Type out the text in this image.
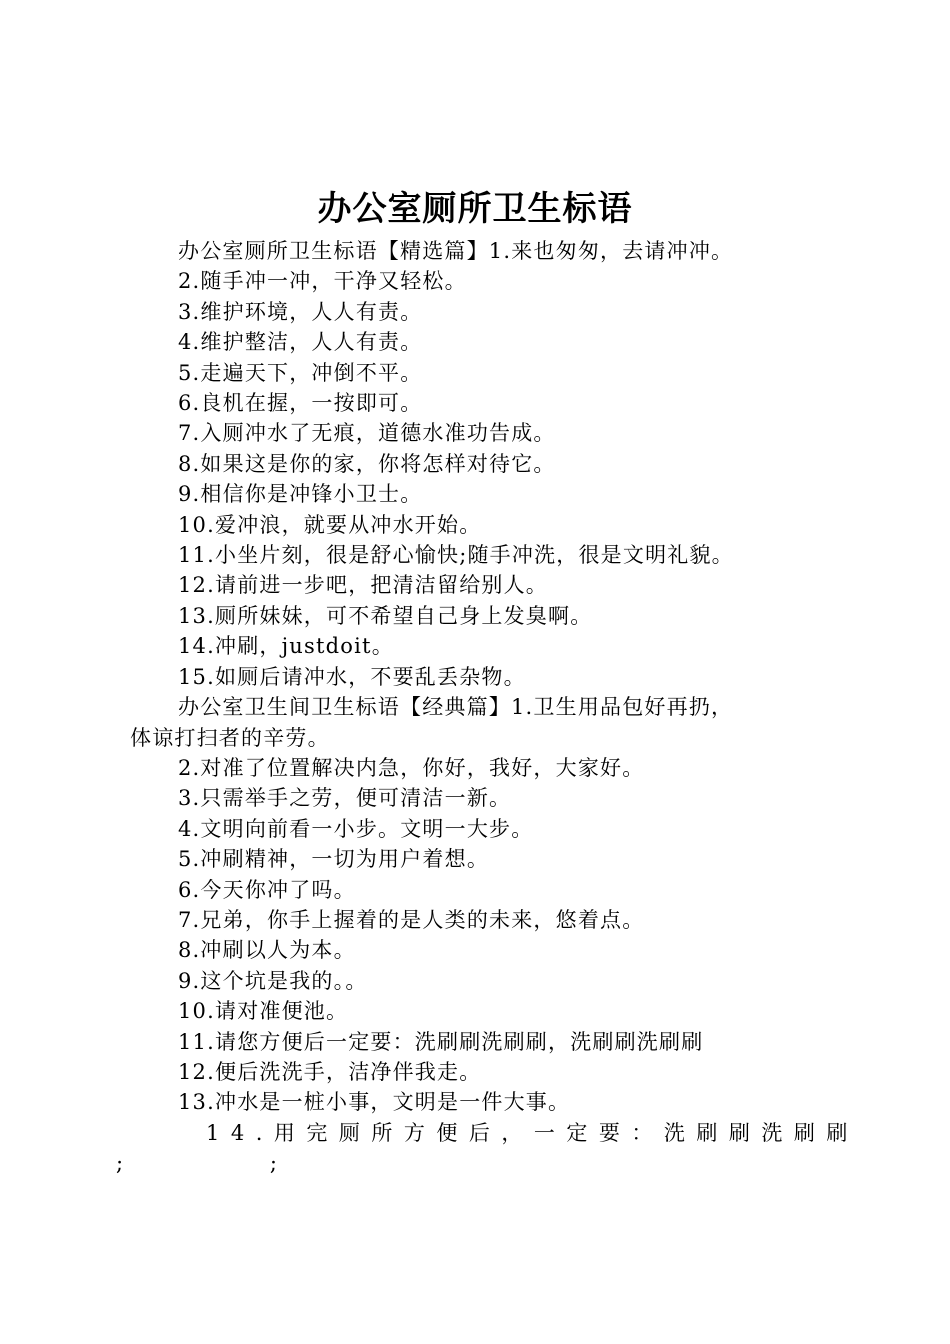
办公室厕所卫生标语
办公室厕所卫生标语【精选篇】1.来也匆匆，去请冲冲。
2.随手冲一冲，干净又轻松。
3.维护环境，人人有责。
4.维护整洁，人人有责。
5.走遍天下，冲倒不平。
6.良机在握，一按即可。
7.入厕冲水了无痕，道德水准功告成。
8.如果这是你的家，你将怎样对待它。
9.相信你是冲锋小卫士。
10.爱冲浪，就要从冲水开始。
11.小坐片刻，很是舒心愉快;随手冲洗，很是文明礼貌。
12.请前进一步吧，把清洁留给别人。
13.厕所妹妹，可不希望自己身上发臭啊。
14.冲刷，justdoit。
15.如厕后请冲水，不要乱丢杂物。
办公室卫生间卫生标语【经典篇】1.卫生用品包好再扔，
体谅打扫者的辛劳。
2.对准了位置解决内急，你好，我好，大家好。
3.只需举手之劳，便可清洁一新。
4.文明向前看一小步。文明一大步。
5.冲刷精神，一切为用户着想。
6.今天你冲了吗。
7.兄弟，你手上握着的是人类的未来，悠着点。
8.冲刷以人为本。
9.这个坑是我的。。
10.请对准便池。
11.请您方便后一定要：洗刷刷洗刷刷，洗刷刷洗刷刷
12.便后洗洗手，洁净伴我走。
13.冲水是一桩小事，文明是一件大事。
14.用完厕所方便后，一定要：洗刷刷洗刷刷
;                      ;
